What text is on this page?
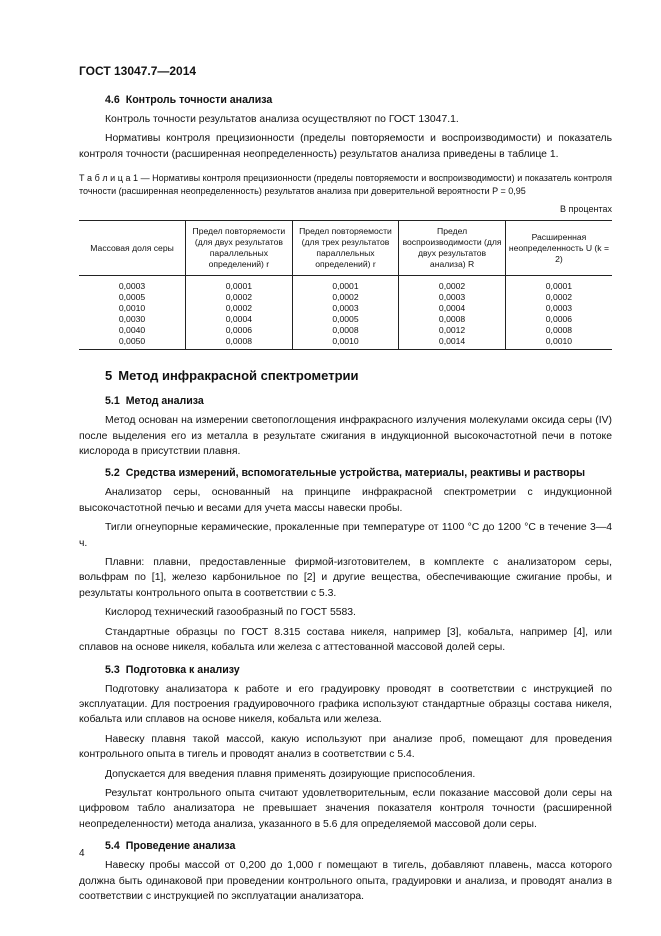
ГОСТ 13047.7—2014
4.6 Контроль точности анализа

Контроль точности результатов анализа осуществляют по ГОСТ 13047.1.

Нормативы контроля прецизионности (пределы повторяемости и воспроизводимости) и показатель контроля точности (расширенная неопределенность) результатов анализа приведены в таблице 1.

Т а б л и ц а 1 — Нормативы контроля прецизионности (пределы повторяемости и воспроизводимости) и показатель контроля точности (расширенная неопределенность) результатов анализа при доверительной вероятности P = 0,95
В процентах
Массовая доля серы	Предел повторяемости (для двух результатов параллельных определений) r	Предел повторяемости (для трех результатов параллельных определений) r	Предел воспроизводимости (для двух результатов анализа) R	Расширенная неопределенность U (k = 2)
0,0003	0,0001	0,0001	0,0002	0,0001
0,0005	0,0002	0,0002	0,0003	0,0002
0,0010	0,0002	0,0003	0,0004	0,0003
0,0030	0,0004	0,0005	0,0008	0,0006
0,0040	0,0006	0,0008	0,0012	0,0008
0,0050	0,0008	0,0010	0,0014	0,0010
5 Метод инфракрасной спектрометрии
5.1 Метод анализа

Метод основан на измерении светопоглощения инфракрасного излучения молекулами оксида серы (IV) после выделения его из металла в результате сжигания в индукционной высокочастотной печи в потоке кислорода в присутствии плавня.

5.2 Средства измерений, вспомогательные устройства, материалы, реактивы и растворы

Анализатор серы, основанный на принципе инфракрасной спектрометрии с индукционной высокочастотной печью и весами для учета массы навески пробы.

Тигли огнеупорные керамические, прокаленные при температуре от 1100 °С до 1200 °С в течение 3—4 ч.

Плавни: плавни, предоставленные фирмой-изготовителем, в комплекте с анализатором серы, вольфрам по [1], железо карбонильное по [2] и другие вещества, обеспечивающие сжигание пробы, и результаты контрольного опыта в соответствии с 5.3.

Кислород технический газообразный по ГОСТ 5583.

Стандартные образцы по ГОСТ 8.315 состава никеля, например [3], кобальта, например [4], или сплавов на основе никеля, кобальта или железа с аттестованной массовой долей серы.

5.3 Подготовка к анализу

Подготовку анализатора к работе и его градуировку проводят в соответствии с инструкцией по эксплуатации. Для построения градуировочного графика используют стандартные образцы состава никеля, кобальта или сплавов на основе никеля, кобальта или железа.

Навеску плавня такой массой, какую используют при анализе проб, помещают для проведения контрольного опыта в тигель и проводят анализ в соответствии с 5.4.

Допускается для введения плавня применять дозирующие приспособления.

Результат контрольного опыта считают удовлетворительным, если показание массовой доли серы на цифровом табло анализатора не превышает значения показателя контроля точности (расширенной неопределенности) метода анализа, указанного в 5.6 для определяемой массовой доли серы.

5.4 Проведение анализа

Навеску пробы массой от 0,200 до 1,000 г помещают в тигель, добавляют плавень, масса которого должна быть одинаковой при проведении контрольного опыта, градуировки и анализа, и проводят анализ в соответствии с инструкцией по эксплуатации анализатора.

4
